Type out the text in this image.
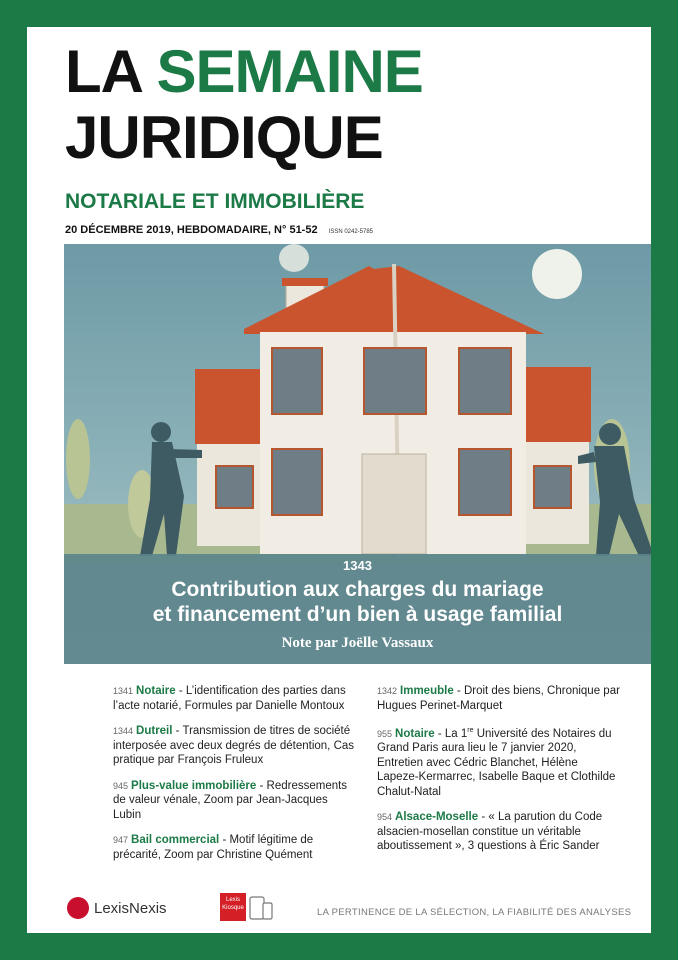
LA SEMAINE
JURIDIQUE
NOTARIALE ET IMMOBILIÈRE
20 DÉCEMBRE 2019, HEBDOMADAIRE, N° 51-52 ISSN 0242-5785
1343
Contribution aux charges du mariage
et financement d’un bien à usage familial
Note par Joëlle Vassaux
1341 Notaire - L’identification des parties dans l’acte notarié, Formules par Danielle Montoux
1344 Dutreil - Transmission de titres de société interposée avec deux degrés de détention, Cas pratique par François Fruleux
945 Plus-value immobilière - Redressements de valeur vénale, Zoom par Jean-Jacques Lubin
947 Bail commercial - Motif légitime de précarité, Zoom par Christine Quément
1342 Immeuble - Droit des biens, Chronique par Hugues Perinet-Marquet
955 Notaire - La 1re Université des Notaires du Grand Paris aura lieu le 7 janvier 2020, Entretien avec Cédric Blanchet, Hélène Lapeze-Kermarrec, Isabelle Baque et Clothilde Chalut-Natal
954 Alsace-Moselle - « La parution du Code alsacien-mosellan constitue un véritable aboutissement », 3 questions à Éric Sander
LexisNexis	Lexis
Kiosque	LA PERTINENCE DE LA SÉLECTION, LA FIABILITÉ DES ANALYSES
